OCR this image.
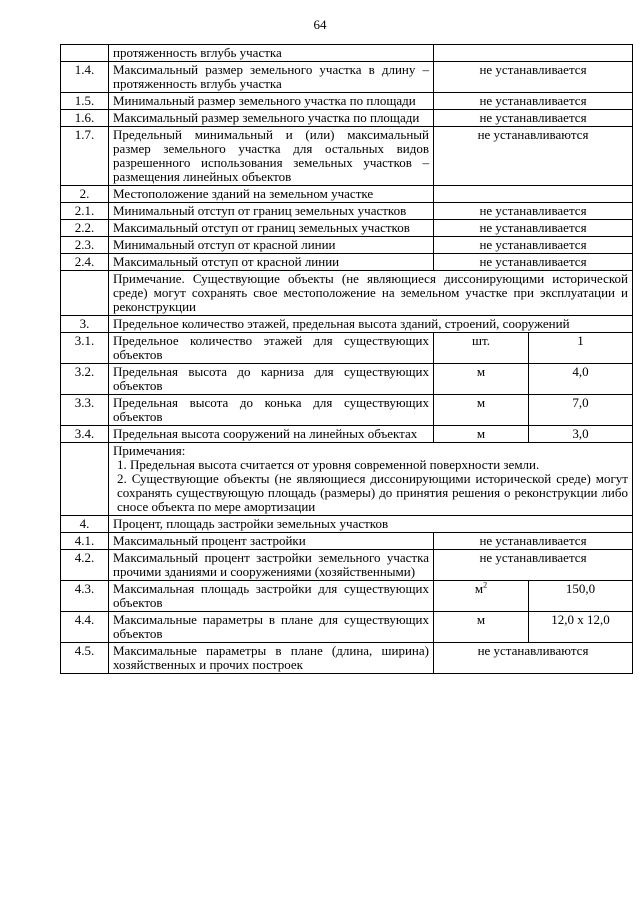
64
	протяженность вглубь участка		
1.4.	Максимальный размер земельного участка в длину – протяженность вглубь участка	не устанавливается	
1.5.	Минимальный размер земельного участка по площади	не устанавливается	
1.6.	Максимальный размер земельного участка по площади	не устанавливается	
1.7.	Предельный минимальный и (или) максимальный размер земельного участка для остальных видов разрешенного использования земельных участков – размещения линейных объектов	не устанавливаются	
2.	Местоположение зданий на земельном участке		
2.1.	Минимальный отступ от границ земельных участков	не устанавливается	
2.2.	Максимальный отступ от границ земельных участков	не устанавливается	
2.3.	Минимальный отступ от красной линии	не устанавливается	
2.4.	Максимальный отступ от красной линии	не устанавливается	
	Примечание. Существующие объекты (не являющиеся диссонирующими исторической среде) могут сохранять свое местоположение на земельном участке при эксплуатации и реконструкции		
3.	Предельное количество этажей, предельная высота зданий, строений, сооружений		
3.1.	Предельное количество этажей для существующих объектов	шт.	1
3.2.	Предельная высота до карниза для существующих объектов	м	4,0
3.3.	Предельная высота до конька для существующих объектов	м	7,0
3.4.	Предельная высота сооружений на линейных объектах	м	3,0

	Примечания:
1. Предельная высота считается от уровня современной поверхности земли.
2. Существующие объекты (не являющиеся диссонирующими исторической среде) могут сохранять существующую площадь (размеры) до принятия решения о реконструкции либо сносе объекта по мере амортизации		

4.	Процент, площадь застройки земельных участков		
4.1.	Максимальный процент застройки	не устанавливается	
4.2.	Максимальный процент застройки земельного участка прочими зданиями и сооружениями (хозяйственными)	не устанавливается	
4.3.	Максимальная площадь застройки для существующих объектов	$м^2$	150,0
4.4.	Максимальные параметры в плане для существующих объектов	м	12,0 х 12,0
4.5.	Максимальные параметры в плане (длина, ширина) хозяйственных и прочих построек	не устанавливаются	
